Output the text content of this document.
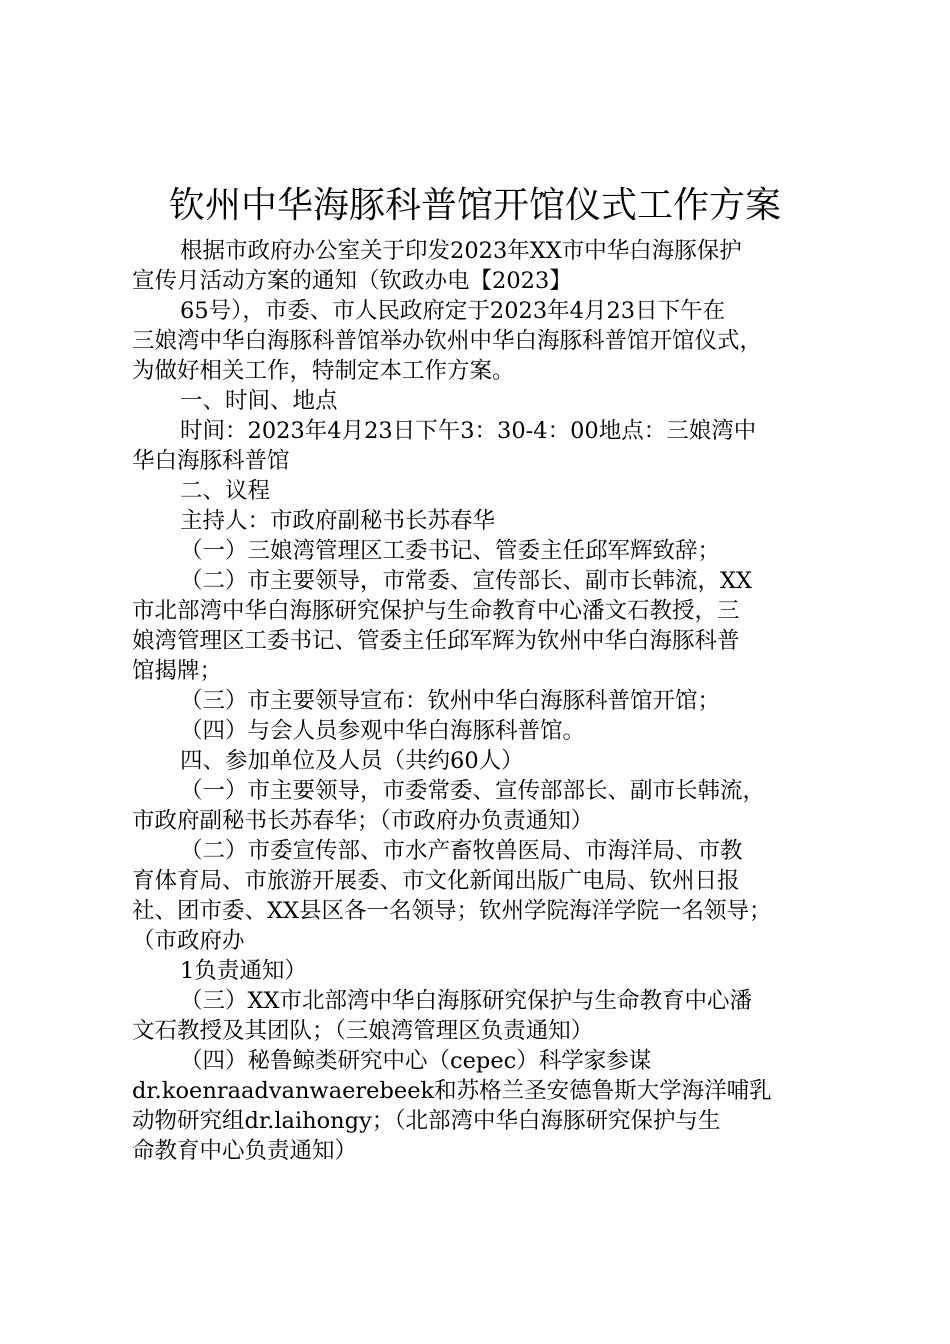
钦州中华海豚科普馆开馆仪式工作方案
根据市政府办公室关于印发2023年XX市中华白海豚保护
宣传月活动方案的通知（钦政办电【2023】
65号），市委、市人民政府定于2023年4月23日下午在
三娘湾中华白海豚科普馆举办钦州中华白海豚科普馆开馆仪式，
为做好相关工作，特制定本工作方案。
一、时间、地点
时间：2023年4月23日下午3：30-4：00地点：三娘湾中
华白海豚科普馆
二、议程
主持人：市政府副秘书长苏春华
（一）三娘湾管理区工委书记、管委主任邱军辉致辞；
（二）市主要领导，市常委、宣传部长、副市长韩流，XX
市北部湾中华白海豚研究保护与生命教育中心潘文石教授，三
娘湾管理区工委书记、管委主任邱军辉为钦州中华白海豚科普
馆揭牌；
（三）市主要领导宣布：钦州中华白海豚科普馆开馆；
（四）与会人员参观中华白海豚科普馆。
四、参加单位及人员（共约60人）
（一）市主要领导，市委常委、宣传部部长、副市长韩流，
市政府副秘书长苏春华；（市政府办负责通知）
（二）市委宣传部、市水产畜牧兽医局、市海洋局、市教
育体育局、市旅游开展委、市文化新闻出版广电局、钦州日报
社、团市委、XX县区各一名领导；钦州学院海洋学院一名领导；
（市政府办
1负责通知）
（三）XX市北部湾中华白海豚研究保护与生命教育中心潘
文石教授及其团队；（三娘湾管理区负责通知）
（四）秘鲁鲸类研究中心（cepec）科学家参谋
dr.koenraadvanwaerebeek和苏格兰圣安德鲁斯大学海洋哺乳
动物研究组dr.laihongy；（北部湾中华白海豚研究保护与生
命教育中心负责通知）
